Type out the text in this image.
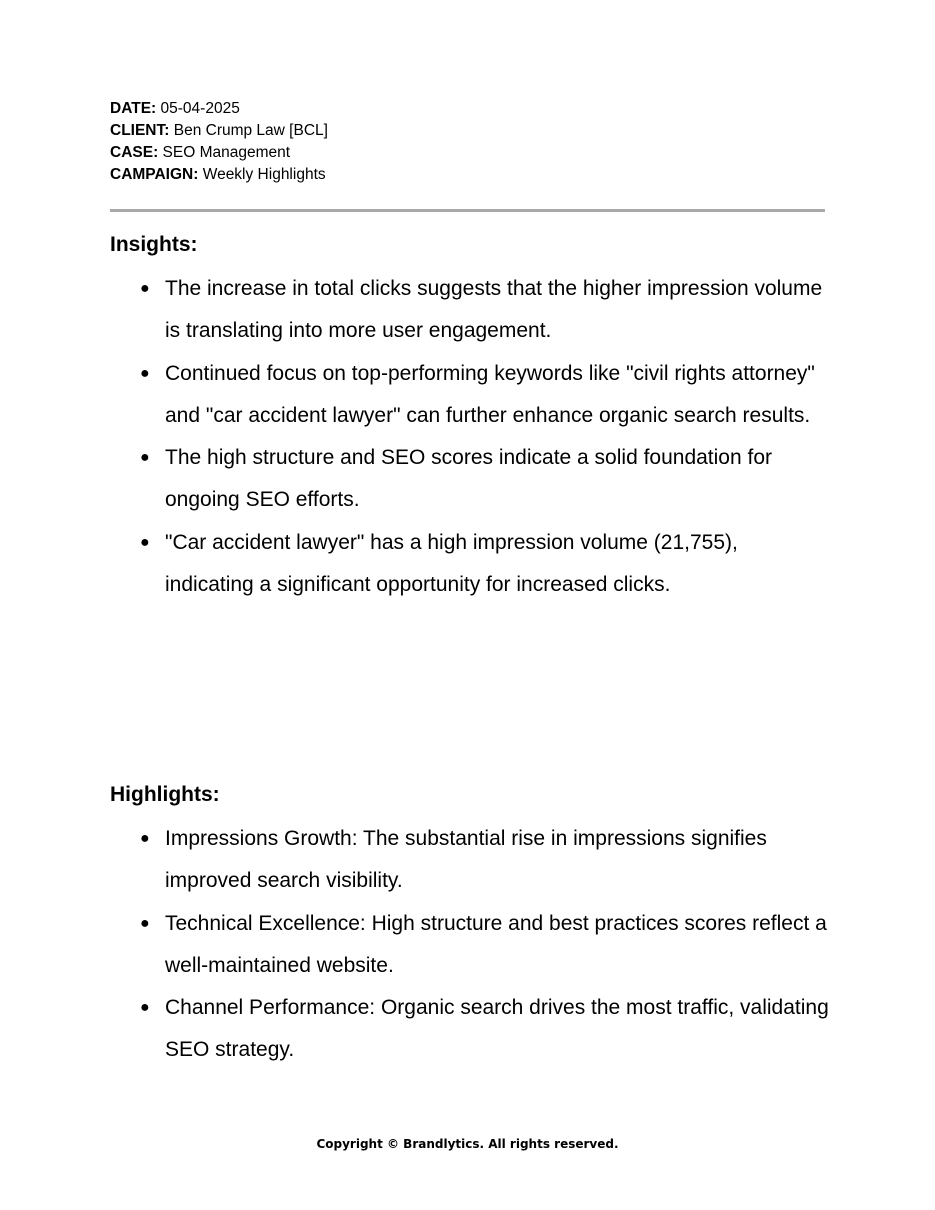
DATE: 05-04-2025
CLIENT: Ben Crump Law [BCL]
CASE: SEO Management
CAMPAIGN: Weekly Highlights
Insights:
● The increase in total clicks suggests that the higher impression volume is translating into more user engagement.
● Continued focus on top-performing keywords like "civil rights attorney" and "car accident lawyer" can further enhance organic search results.
● The high structure and SEO scores indicate a solid foundation for ongoing SEO efforts.
● "Car accident lawyer" has a high impression volume (21,755), indicating a significant opportunity for increased clicks.
Highlights:
● Impressions Growth: The substantial rise in impressions signifies improved search visibility.
● Technical Excellence: High structure and best practices scores reflect a well-maintained website.
● Channel Performance: Organic search drives the most traffic, validating SEO strategy.
Copyright © Brandlytics. All rights reserved.
